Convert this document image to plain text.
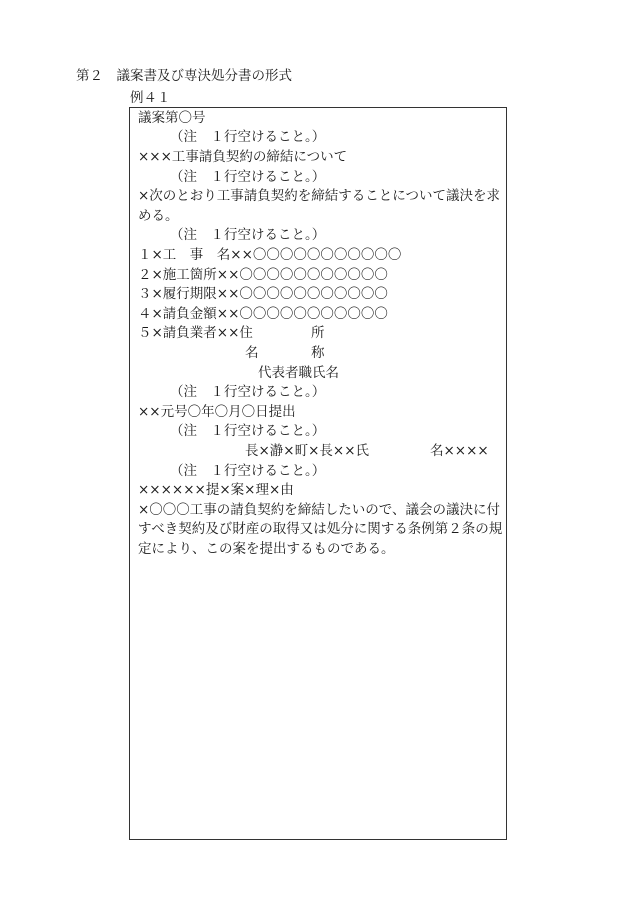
第２　議案書及び専決処分書の形式
例４１
議案第〇号
（注　１行空けること。）
×××工事請負契約の締結について
（注　１行空けること。）
×次のとおり工事請負契約を締結することについて議決を求
める。
（注　１行空けること。）
１×工　事　名××〇〇〇〇〇〇〇〇〇〇〇
２×施工箇所××〇〇〇〇〇〇〇〇〇〇〇
３×履行期限××〇〇〇〇〇〇〇〇〇〇〇
４×請負金額××〇〇〇〇〇〇〇〇〇〇〇
５×請負業者××住	所
名	称
代表者職氏名
（注　１行空けること。）
××元号〇年〇月〇日提出
（注　１行空けること。）
長×瀞×町×長××氏	名××××
（注　１行空けること。）
××××××提×案×理×由
×〇〇〇工事の請負契約を締結したいので、議会の議決に付
すべき契約及び財産の取得又は処分に関する条例第２条の規
定により、この案を提出するものである。
